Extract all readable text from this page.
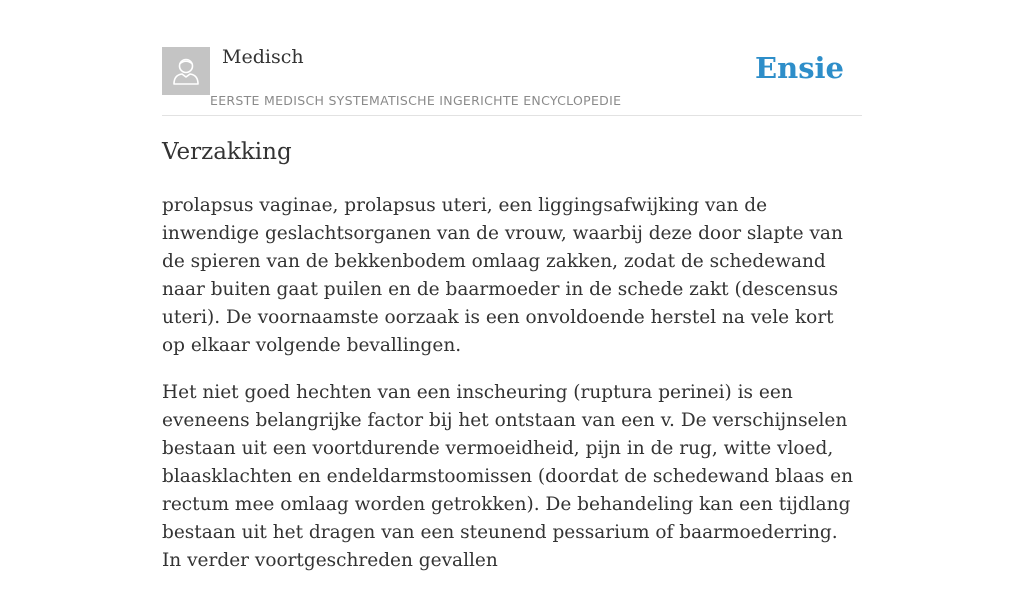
Medisch
EERSTE MEDISCH SYSTEMATISCHE INGERICHTE ENCYCLOPEDIE
Ensie
Verzakking

prolapsus vaginae, prolapsus uteri, een liggingsafwijking van de inwendige geslachtsorganen van de vrouw, waarbij deze door slapte van de spieren van de bekkenbodem omlaag zakken, zodat de schedewand naar buiten gaat puilen en de baarmoeder in de schede zakt (descensus uteri). De voornaamste oorzaak is een onvoldoende herstel na vele kort op elkaar volgende bevallingen.

Het niet goed hechten van een inscheuring (ruptura perinei) is een eveneens belangrijke factor bij het ontstaan van een v. De verschijnselen bestaan uit een voortdurende vermoeidheid, pijn in de rug, witte vloed, blaasklachten en endeldarmstoomissen (doordat de schedewand blaas en rectum mee omlaag worden getrokken). De behandeling kan een tijdlang bestaan uit het dragen van een steunend pessarium of baarmoederring. In verder voortgeschreden gevallen
